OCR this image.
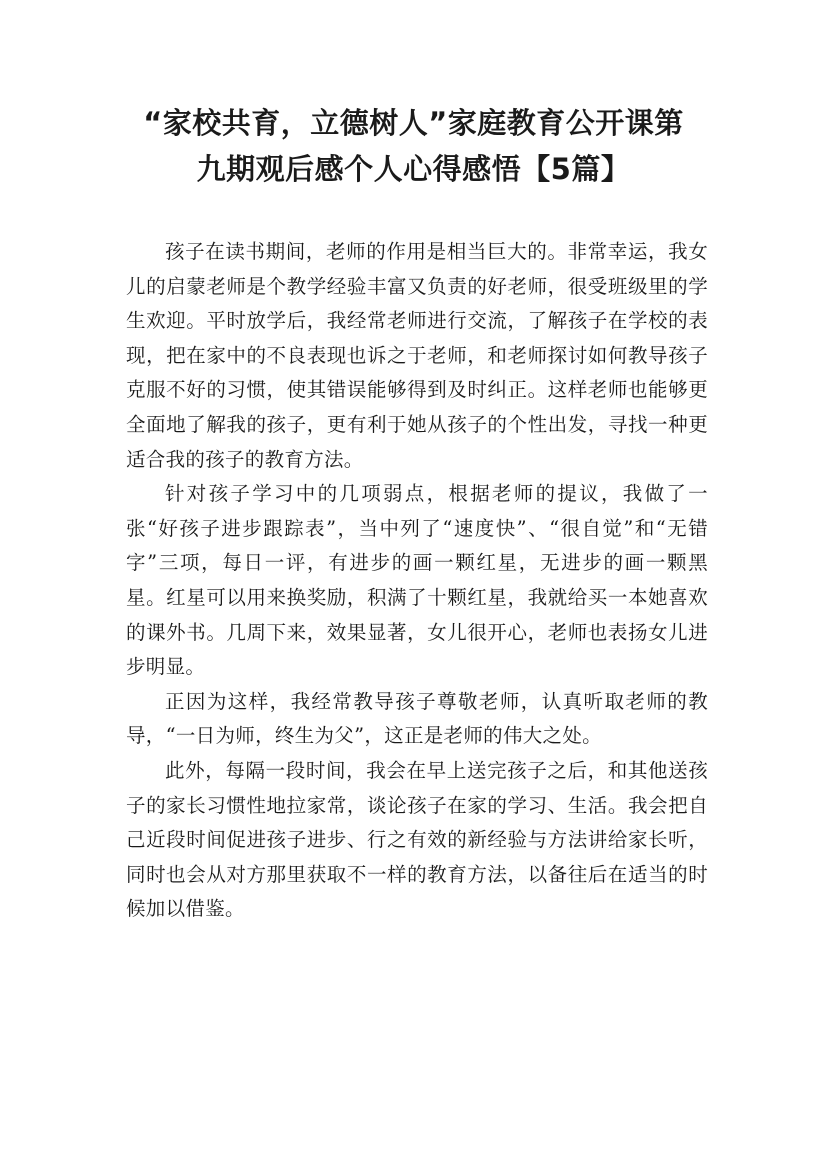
“家校共育，立德树人”家庭教育公开课第
九期观后感个人心得感悟【5篇】

孩子在读书期间，老师的作用是相当巨大的。非常幸运，我女儿的启蒙老师是个教学经验丰富又负责的好老师，很受班级里的学生欢迎。平时放学后，我经常老师进行交流，了解孩子在学校的表现，把在家中的不良表现也诉之于老师，和老师探讨如何教导孩子克服不好的习惯，使其错误能够得到及时纠正。这样老师也能够更全面地了解我的孩子，更有利于她从孩子的个性出发，寻找一种更适合我的孩子的教育方法。

针对孩子学习中的几项弱点，根据老师的提议，我做了一张“好孩子进步跟踪表”，当中列了“速度快”、“很自觉”和“无错字”三项，每日一评，有进步的画一颗红星，无进步的画一颗黑星。红星可以用来换奖励，积满了十颗红星，我就给买一本她喜欢的课外书。几周下来，效果显著，女儿很开心，老师也表扬女儿进步明显。

正因为这样，我经常教导孩子尊敬老师，认真听取老师的教导，“一日为师，终生为父”，这正是老师的伟大之处。

此外，每隔一段时间，我会在早上送完孩子之后，和其他送孩子的家长习惯性地拉家常，谈论孩子在家的学习、生活。我会把自己近段时间促进孩子进步、行之有效的新经验与方法讲给家长听，同时也会从对方那里获取不一样的教育方法，以备往后在适当的时候加以借鉴。
